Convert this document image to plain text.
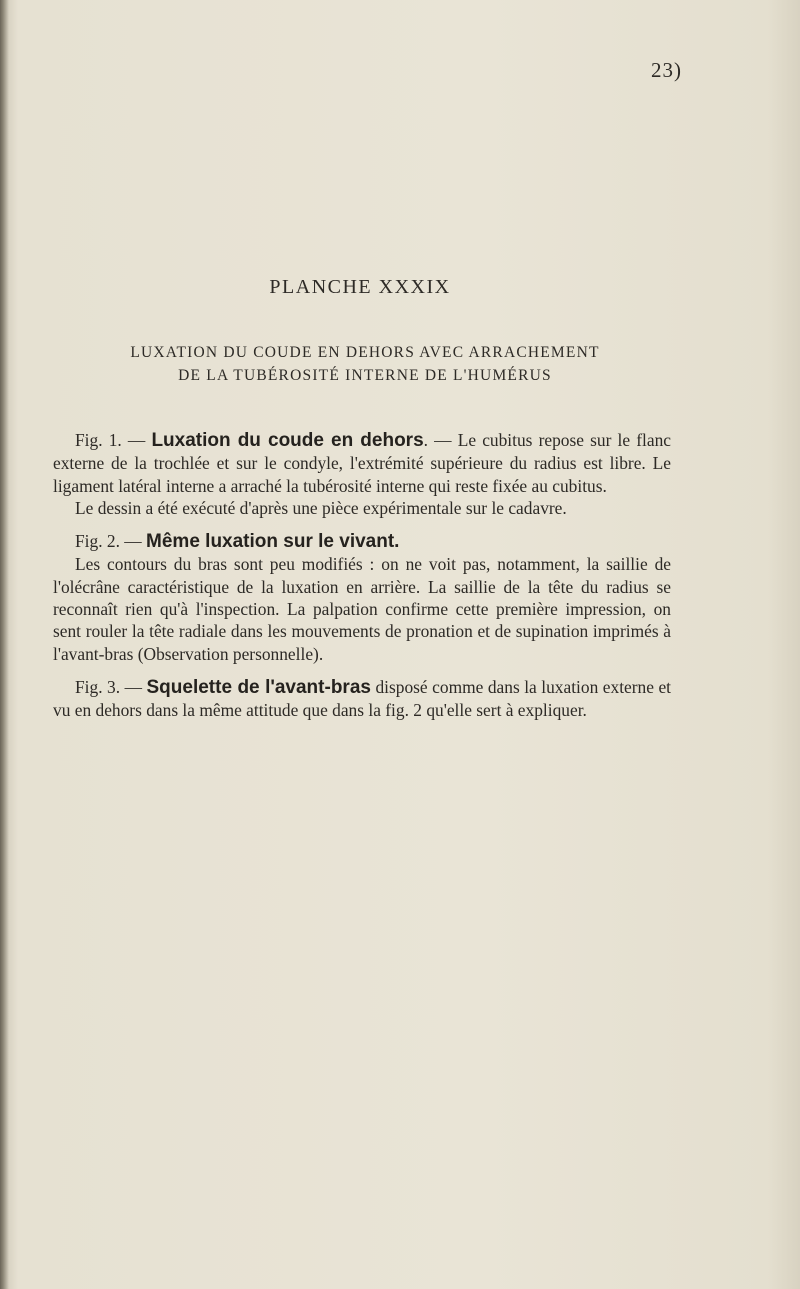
23)
PLANCHE XXXIX
LUXATION DU COUDE EN DEHORS AVEC ARRACHEMENT
DE LA TUBÉROSITÉ INTERNE DE L'HUMÉRUS

Fig. 1. — Luxation du coude en dehors. — Le cubitus repose sur le flanc externe de la trochlée et sur le condyle, l'extrémité supérieure du radius est libre. Le ligament latéral interne a arraché la tubérosité interne qui reste fixée au cubitus.

Le dessin a été exécuté d'après une pièce expérimentale sur le cadavre.

Fig. 2. — Même luxation sur le vivant.

Les contours du bras sont peu modifiés : on ne voit pas, notamment, la saillie de l'olécrâne caractéristique de la luxation en arrière. La saillie de la tête du radius se reconnaît rien qu'à l'inspection. La palpation confirme cette première impression, on sent rouler la tête radiale dans les mouvements de pronation et de supination imprimés à l'avant-bras (Observation personnelle).

Fig. 3. — Squelette de l'avant-bras disposé comme dans la luxation externe et vu en dehors dans la même attitude que dans la fig. 2 qu'elle sert à expliquer.
